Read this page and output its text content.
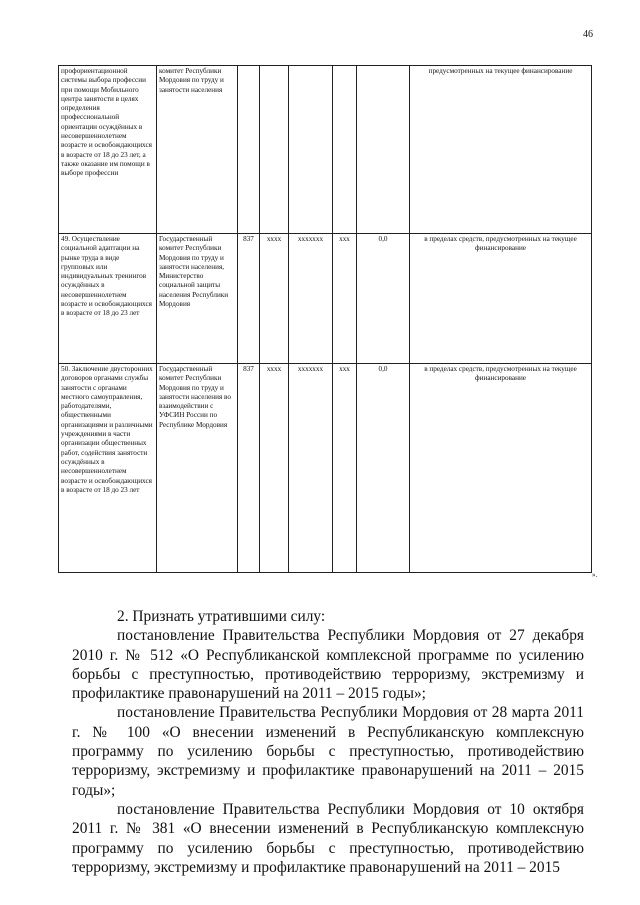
46
профориентационной системы выбора профессии при помощи Мобильного центра занятости в целях определения профессиональной ориентации осуждённых в несовершеннолетнем возрасте и освобождающихся в возрасте от 18 до 23 лет, а также оказание им помощи в выборе профессии	комитет Республики Мордовия по труду и занятости населения						предусмотренных на текущее финансирование
49. Осуществление социальной адаптации на рынке труда в виде групповых или индивидуальных тренингов осуждённых в несовершеннолетнем возрасте и освобождающихся в возрасте от 18 до 23 лет	Государственный комитет Республики Мордовия по труду и занятости населения, Министерство социальной защиты населения Республики Мордовия	837	хххх	ххххххх	ххх	0,0	в пределах средств, предусмотренных на текущее финансирование
50. Заключение двусторонних договоров органами службы занятости с органами местного самоуправления, работодателями, общественными организациями и различными учреждениями в части организации общественных работ, содействия занятости осуждённых в несовершеннолетнем возрасте и освобождающихся в возрасте от 18 до 23 лет	Государственный комитет Республики Мордовия по труду и занятости населения во взаимодействии с УФСИН России по Республике Мордовия	837	хххх	ххххххх	ххх	0,0	в пределах средств, предусмотренных на текущее финансирование
».

2. Признать утратившими силу:

постановление Правительства Республики Мордовия от 27 декабря 2010 г. № 512 «О Республиканской комплексной программе по усилению борьбы с преступностью, противодействию терроризму, экстремизму и профилактике правонарушений на 2011 – 2015 годы»;

постановление Правительства Республики Мордовия от 28 марта 2011 г. № 100 «О внесении изменений в Республиканскую комплексную программу по усилению борьбы с преступностью, противодействию терроризму, экстремизму и профилактике правонарушений на 2011 – 2015 годы»;

постановление Правительства Республики Мордовия от 10 октября 2011 г. № 381 «О внесении изменений в Республиканскую комплексную программу по усилению борьбы с преступностью, противодействию терроризму, экстремизму и профилактике правонарушений на 2011 – 2015
